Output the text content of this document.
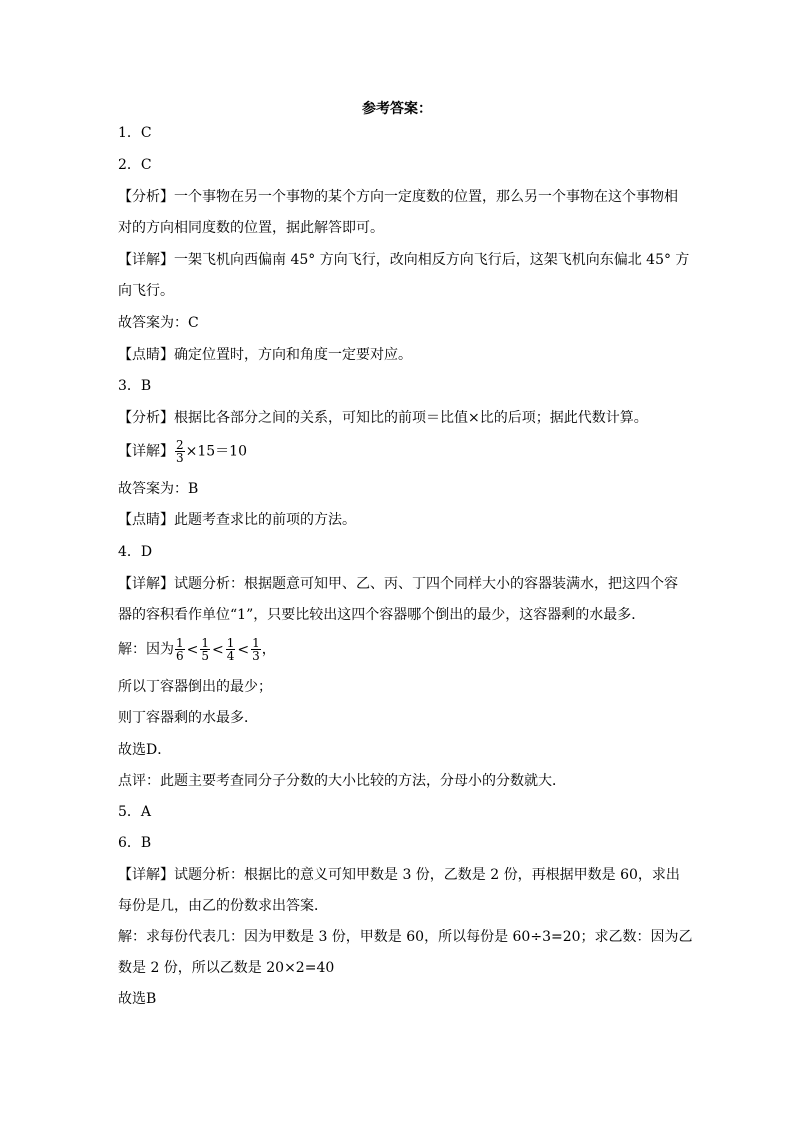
参考答案：
1．C
2．C
【分析】一个事物在另一个事物的某个方向一定度数的位置，那么另一个事物在这个事物相
对的方向相同度数的位置，据此解答即可。
【详解】一架飞机向西偏南 45° 方向飞行，改向相反方向飞行后，这架飞机向东偏北 45° 方
向飞行。
故答案为：C
【点睛】确定位置时，方向和角度一定要对应。
3．B
【分析】根据比各部分之间的关系，可知比的前项＝比值×比的后项；据此代数计算。
【详解】 $\frac{2}{3} \times 15=10$
故答案为：B
【点睛】此题考查求比的前项的方法。
4．D
【详解】试题分析：根据题意可知甲、乙、丙、丁四个同样大小的容器装满水，把这四个容
器的容积看作单位“1”，只要比较出这四个容器哪个倒出的最少，这容器剩的水最多．
解：因为 $\frac{1}{6} < \frac{1}{5} < \frac{1}{4} < \frac{1}{3}$ ，
所以丁容器倒出的最少；
则丁容器剩的水最多．
故选D．
点评：此题主要考查同分子分数的大小比较的方法，分母小的分数就大．
5．A
6．B
【详解】试题分析：根据比的意义可知甲数是 3 份，乙数是 2 份，再根据甲数是 60，求出
每份是几，由乙的份数求出答案．
解：求每份代表几：因为甲数是 3 份，甲数是 60，所以每份是 60÷3=20；求乙数：因为乙
数是 2 份，所以乙数是 20×2=40
故选B
